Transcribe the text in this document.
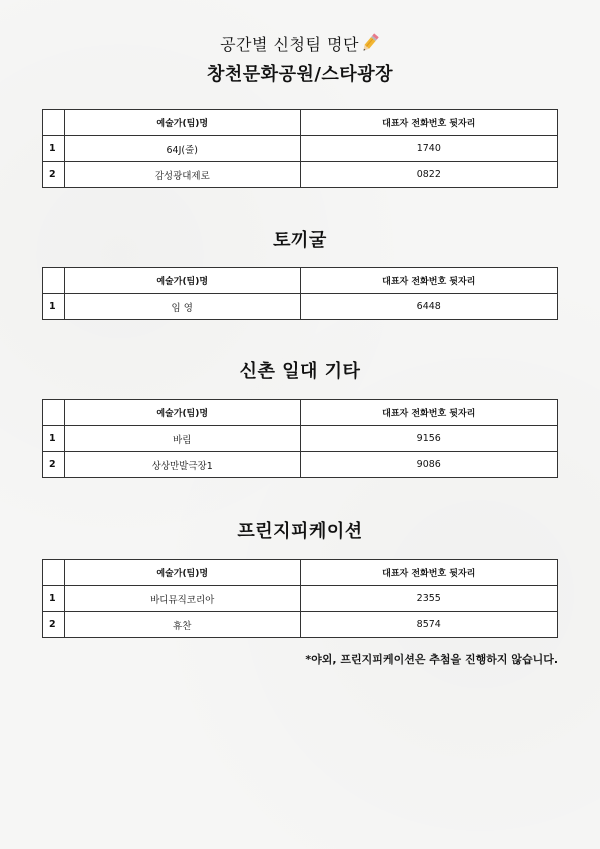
공간별 신청팀 명단
창천문화공원/스타광장
	예술가(팀)명	대표자 전화번호 뒷자리
1	64J(줄)	1740
2	감성광대제로	0822
토끼굴
	예술가(팀)명	대표자 전화번호 뒷자리
1	임 영	6448
신촌 일대 기타
	예술가(팀)명	대표자 전화번호 뒷자리
1	바림	9156
2	상상만발극장1	9086
프린지피케이션
	예술가(팀)명	대표자 전화번호 뒷자리
1	바디뮤직코리아	2355
2	휴찬	8574
*야외, 프린지피케이션은 추첨을 진행하지 않습니다.
